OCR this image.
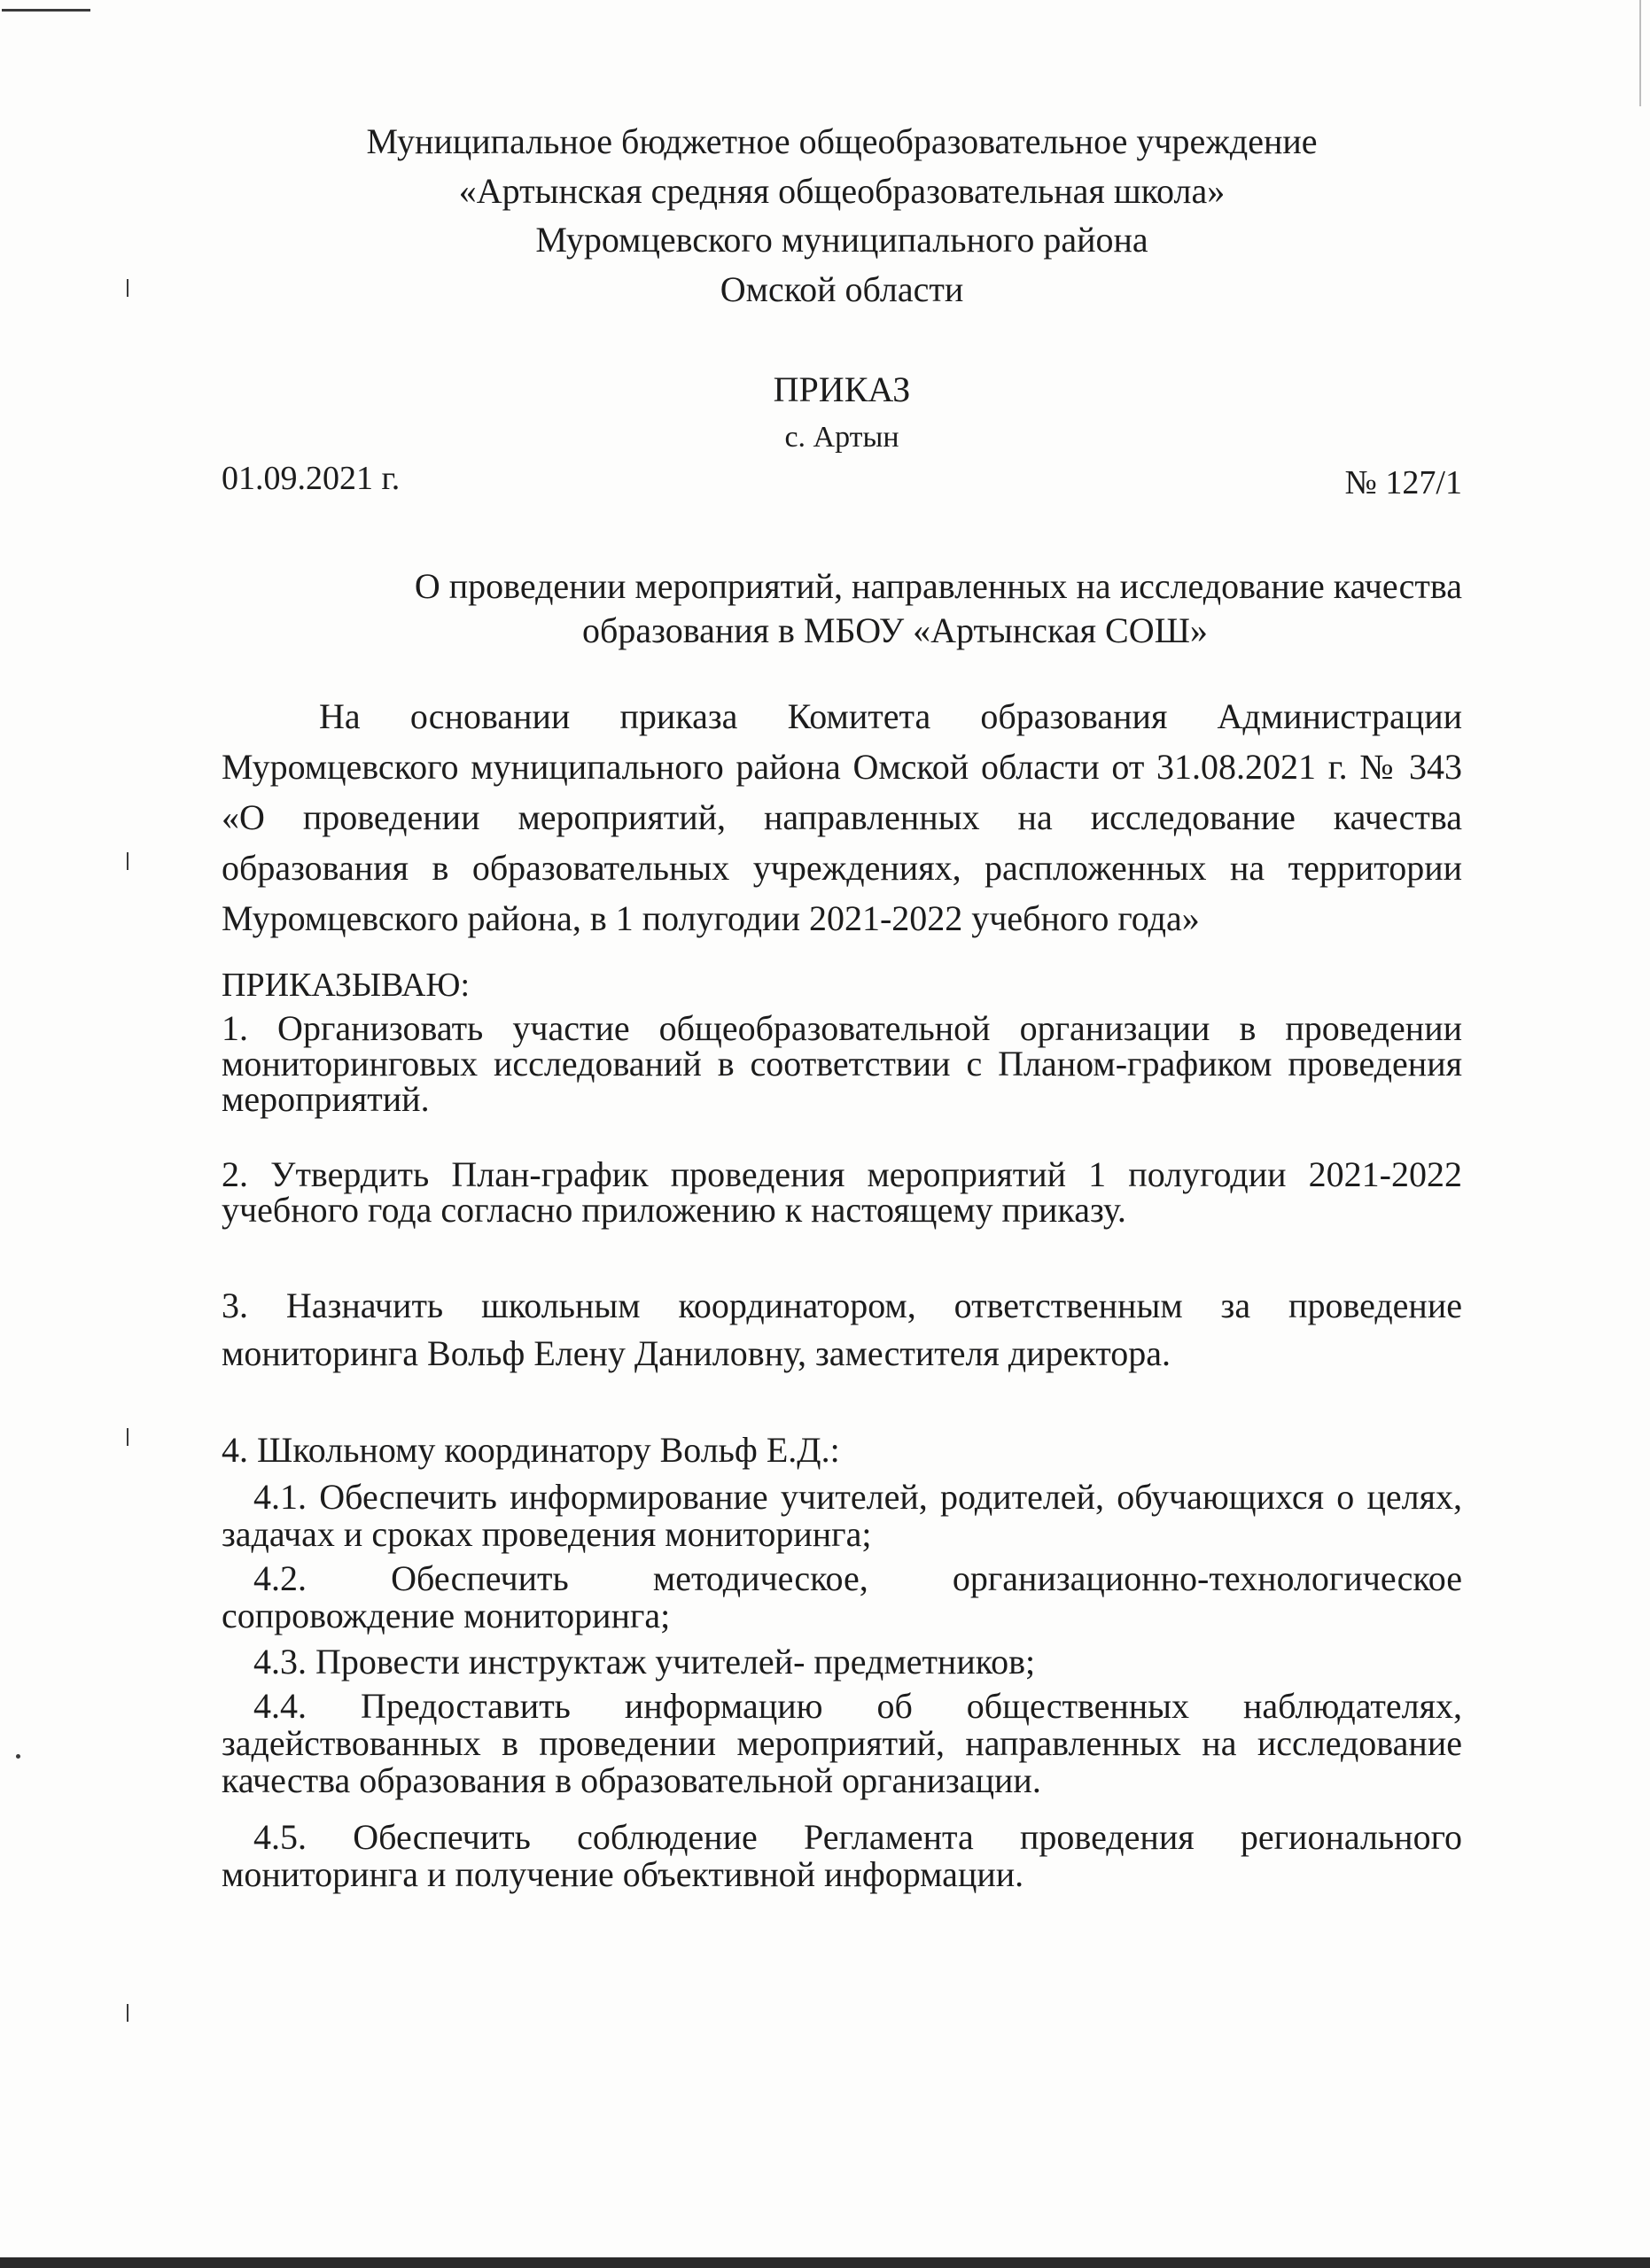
Муниципальное бюджетное общеобразовательное учреждение
«Артынская средняя общеобразовательная школа»
Муромцевского муниципального района
Омской области
ПРИКАЗ
с. Артын
01.09.2021 г.	№ 127/1
О проведении мероприятий, направленных на исследование качества
образования в МБОУ «Артынская СОШ»
На основании приказа Комитета образования Администрации Муромцевского муниципального района Омской области от 31.08.2021 г. № 343 «О проведении мероприятий, направленных на исследование качества образования в образовательных учреждениях, распложенных на территории Муромцевского района, в 1 полугодии 2021-2022 учебного года»
ПРИКАЗЫВАЮ:
1. Организовать участие общеобразовательной организации в проведении мониторинговых исследований в соответствии с Планом-графиком проведения мероприятий.
2. Утвердить План-график проведения мероприятий 1 полугодии 2021-2022 учебного года согласно приложению к настоящему приказу.
3. Назначить школьным координатором, ответственным за проведение мониторинга Вольф Елену Даниловну, заместителя директора.
4. Школьному координатору Вольф Е.Д.:
4.1. Обеспечить информирование учителей, родителей, обучающихся о целях, задачах и сроках проведения мониторинга;
4.2. Обеспечить методическое, организационно-технологическое сопровождение мониторинга;
4.3. Провести инструктаж учителей- предметников;
4.4. Предоставить информацию об общественных наблюдателях, задействованных в проведении мероприятий, направленных на исследование качества образования в образовательной организации.
4.5. Обеспечить соблюдение Регламента проведения регионального мониторинга и получение объективной информации.
